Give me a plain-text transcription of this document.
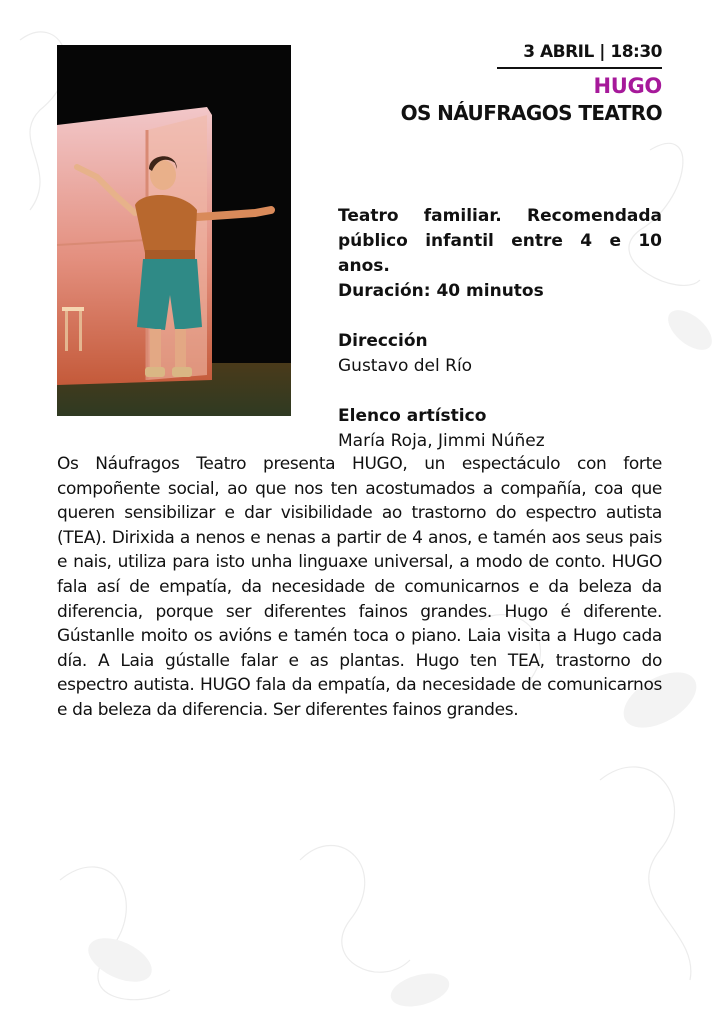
3 ABRIL | 18:30
HUGO
OS NÁUFRAGOS TEATRO
Teatro familiar. Recomendada público infantil entre 4 e 10 anos.
Duración: 40 minutos
Dirección
Gustavo del Río
Elenco artístico
María Roja, Jimmi Núñez
Os Náufragos Teatro presenta HUGO, un espectáculo con forte compoñente social, ao que nos ten acostumados a compañía, coa que queren sensibilizar e dar visibilidade ao trastorno do espectro autista (TEA). Dirixida a nenos e nenas a partir de 4 anos, e tamén aos seus pais e nais, utiliza para isto unha linguaxe universal, a modo de conto. HUGO fala así de empatía, da necesidade de comunicarnos e da beleza da diferencia, porque ser diferentes fainos grandes. Hugo é diferente. Gústanlle moito os avións e tamén toca o piano. Laia visita a Hugo cada día. A Laia gústalle falar e as plantas. Hugo ten TEA, trastorno do espectro autista. HUGO fala da empatía, da necesidade de comunicarnos e da beleza da diferencia. Ser diferentes fainos grandes.
